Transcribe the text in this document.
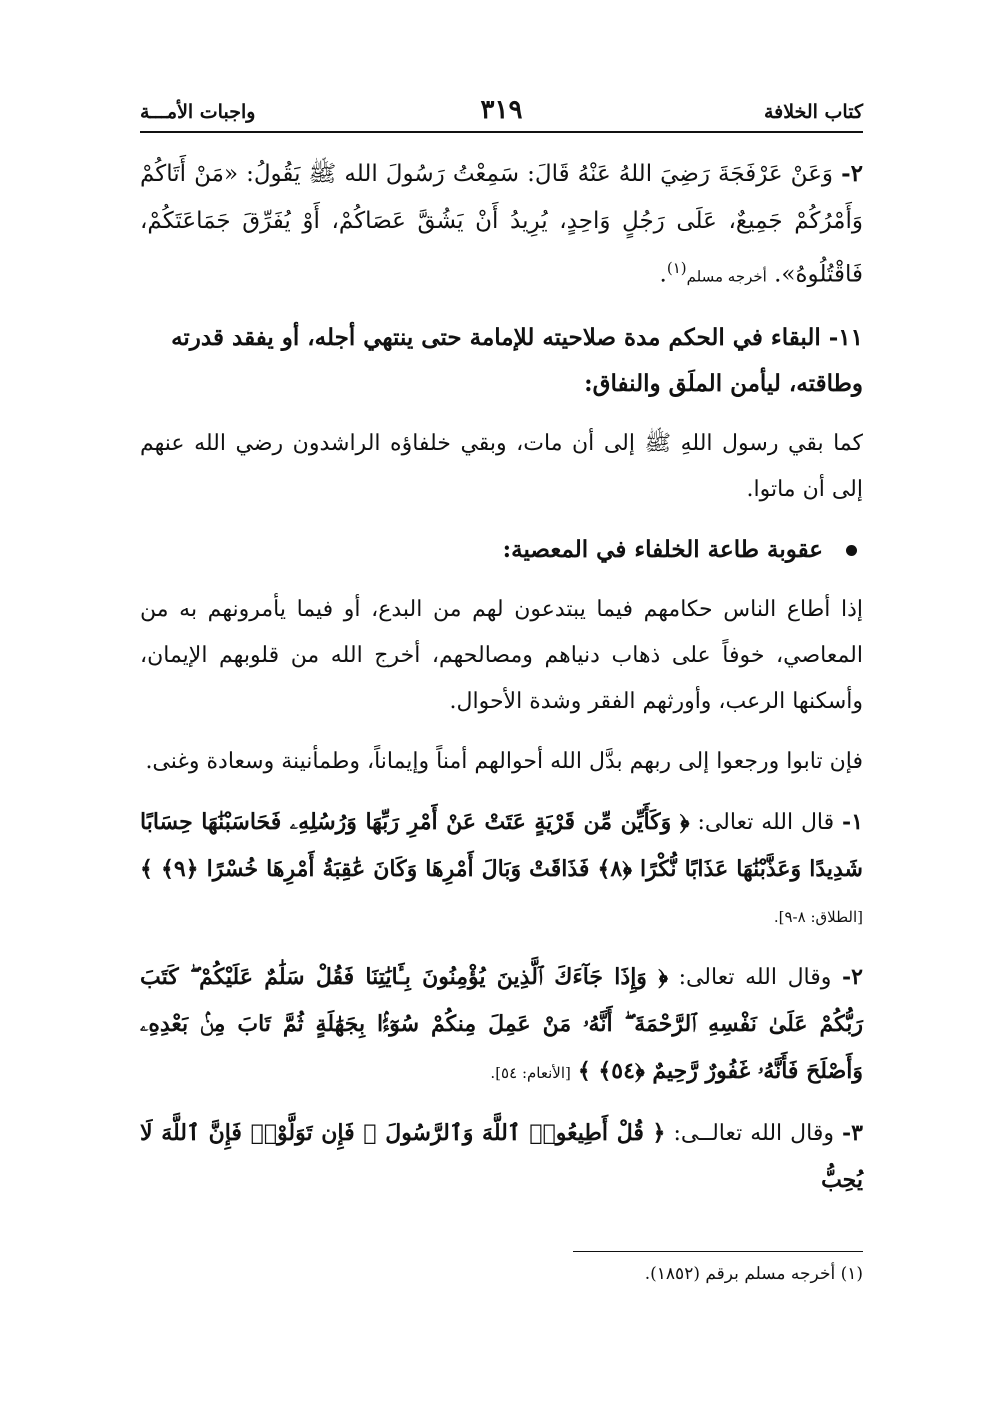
كتاب الخلافة
٣١٩
واجبات الأمـــة

٢- وَعَنْ عَرْفَجَةَ رَضِيَ اللهُ عَنْهُ قَالَ: سَمِعْتُ رَسُولَ الله ﷺ يَقُولُ: «مَنْ أَتَاكُمْ وَأَمْرُكُمْ جَمِيعٌ، عَلَى رَجُلٍ وَاحِدٍ، يُرِيدُ أَنْ يَشُقَّ عَصَاكُمْ، أَوْ يُفَرِّقَ جَمَاعَتَكُمْ، فَاقْتُلُوهُ». أخرجه مسلم$^{(١)}$.

١١- البقاء في الحكم مدة صلاحيته للإمامة حتى ينتهي أجله، أو يفقد قدرته وطاقته، ليأمن الملَق والنفاق:

كما بقي رسول اللهِ ﷺ إلى أن مات، وبقي خلفاؤه الراشدون رضي الله عنهم إلى أن ماتوا.

عقوبة طاعة الخلفاء في المعصية:

إذا أطاع الناس حكامهم فيما يبتدعون لهم من البدع، أو فيما يأمرونهم به من المعاصي، خوفاً على ذهاب دنياهم ومصالحهم، أخرج الله من قلوبهم الإيمان، وأسكنها الرعب، وأورثهم الفقر وشدة الأحوال.

فإن تابوا ورجعوا إلى ربهم بدَّل الله أحوالهم أمناً وإيماناً، وطمأنينة وسعادة وغنى.

١- قال الله تعالى: ﴿ وَكَأَيِّن مِّن قَرْيَةٍ عَتَتْ عَنْ أَمْرِ رَبِّهَا وَرُسُلِهِۦ فَحَاسَبْنَٰهَا حِسَابًا شَدِيدًا وَعَذَّبْنَٰهَا عَذَابًا نُّكْرًا ﴿٨﴾ فَذَاقَتْ وَبَالَ أَمْرِهَا وَكَانَ عَٰقِبَةُ أَمْرِهَا خُسْرًا ﴿٩﴾ ﴾ [الطلاق: ٨-٩].

٢- وقال الله تعالى: ﴿ وَإِذَا جَآءَكَ ٱلَّذِينَ يُؤْمِنُونَ بِـَٔايَٰتِنَا فَقُلْ سَلَٰمٌ عَلَيْكُمْ ۖ كَتَبَ رَبُّكُمْ عَلَىٰ نَفْسِهِ ٱلرَّحْمَةَ ۖ أَنَّهُۥ مَنْ عَمِلَ مِنكُمْ سُوٓءًۢا بِجَهَٰلَةٍ ثُمَّ تَابَ مِنۢ بَعْدِهِۦ وَأَصْلَحَ فَأَنَّهُۥ غَفُورٌ رَّحِيمٌ ﴿٥٤﴾ ﴾ [الأنعام: ٥٤].

٣- وقال الله تعالــى: ﴿ قُلْ أَطِيعُوا۟ ٱللَّهَ وَٱلرَّسُولَ ۖ فَإِن تَوَلَّوْا۟ فَإِنَّ ٱللَّهَ لَا يُحِبُّ

(١) أخرجه مسلم برقم (١٨٥٢).
